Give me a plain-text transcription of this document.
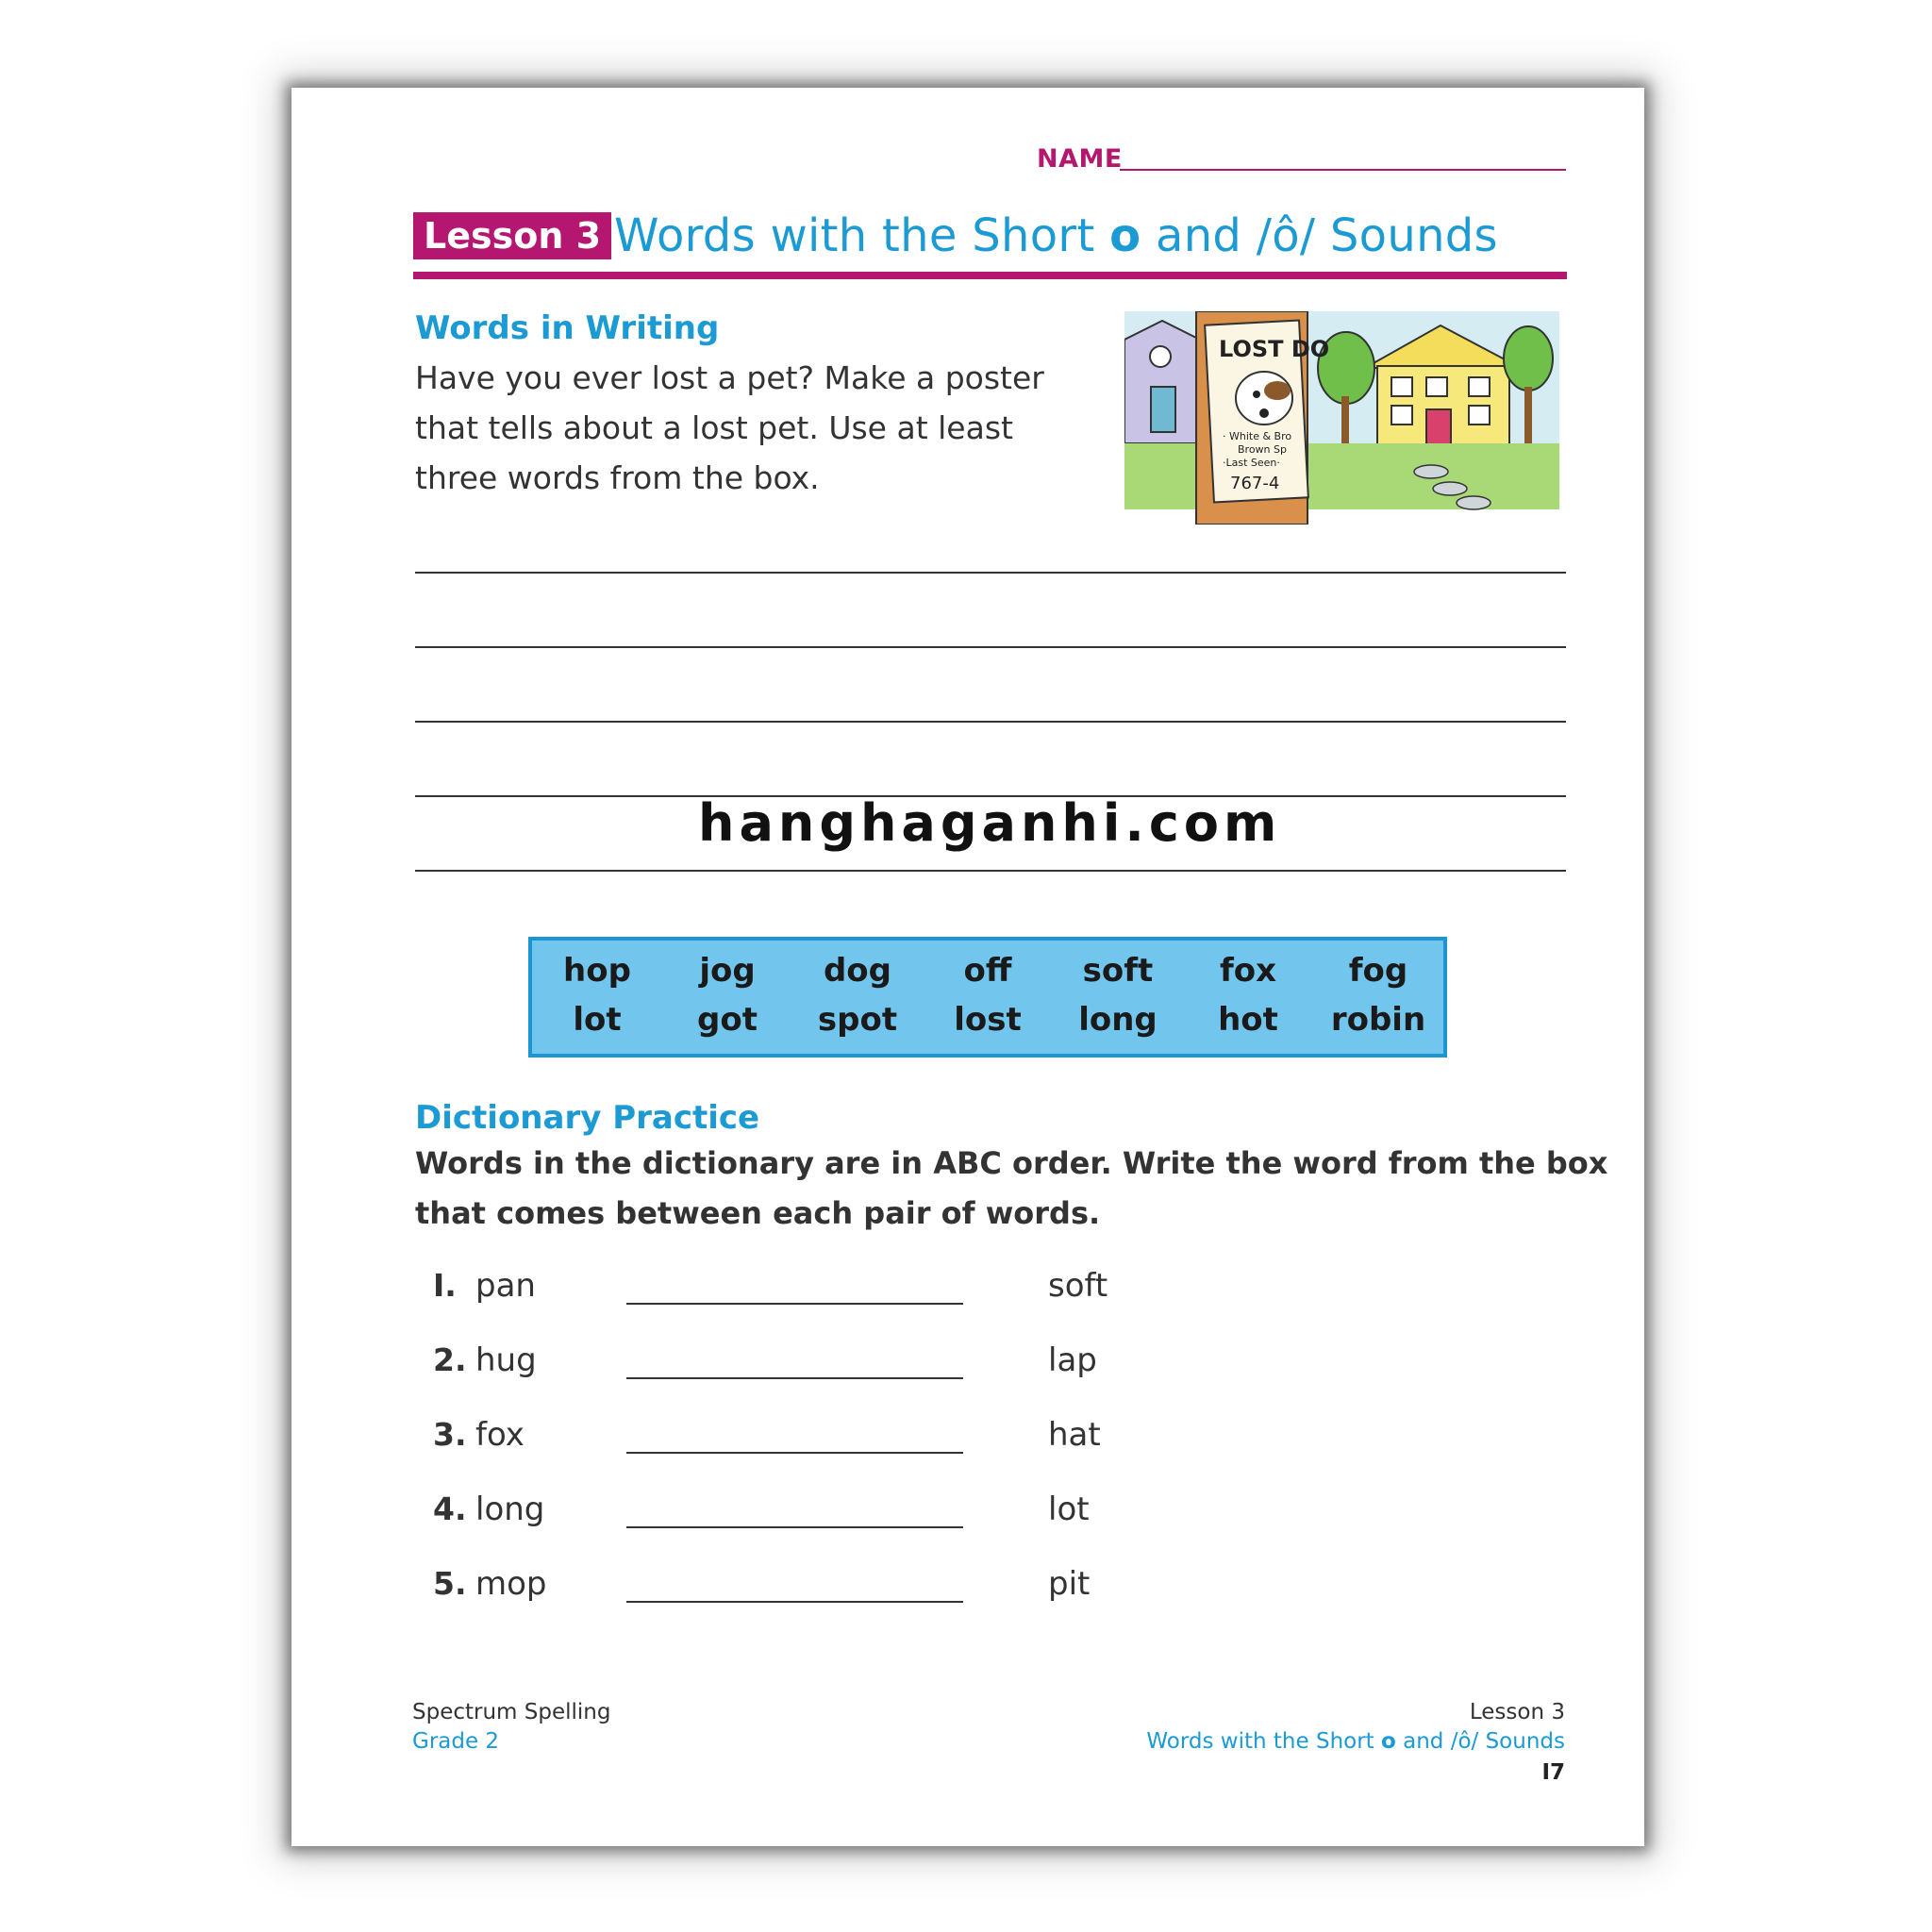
NAME
Lesson 3 Words with the Short o and /ô/ Sounds
Words in Writing
Have you ever lost a pet? Make a poster
that tells about a lost pet. Use at least
three words from the box.
LOST DO
· White & Bro
Brown Sp
·Last Seen·
767-4
hanghaganhi.com
hop	jog	dog	off	soft	fox	fog
lot	got	spot	lost	long	hot	robin
Dictionary Practice
Words in the dictionary are in ABC order. Write the word from the box
that comes between each pair of words.
I. pan	soft
2. hug	lap
3. fox	hat
4. long	lot
5. mop	pit
Spectrum Spelling
Grade 2
Lesson 3
Words with the Short o and /ô/ Sounds
I7
